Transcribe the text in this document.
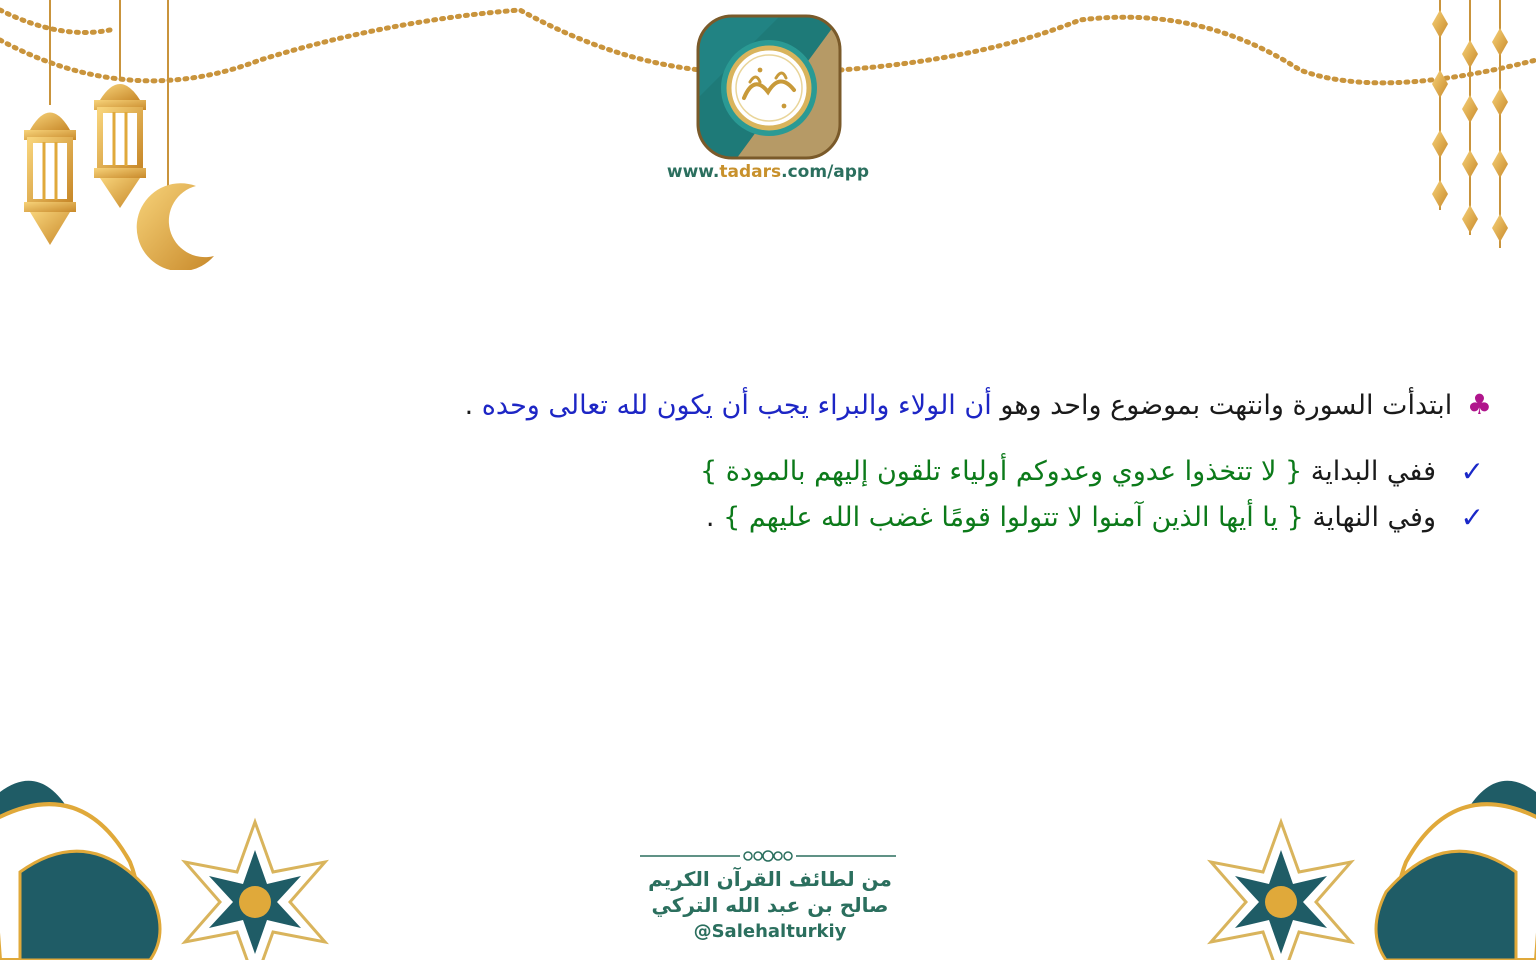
www.tadars.com/app
♣ ابتدأت السورة وانتهت بموضوع واحد وهو أن الولاء والبراء يجب أن يكون لله تعالى وحده .
✓
ففي البداية { لا تتخذوا عدوي وعدوكم أولياء تلقون إليهم بالمودة }
✓
وفي النهاية { يا أيها الذين آمنوا لا تتولوا قومًا غضب الله عليهم } .
من لطائف القرآن الكريم
صالح بن عبد الله التركي
@Salehalturkiy
